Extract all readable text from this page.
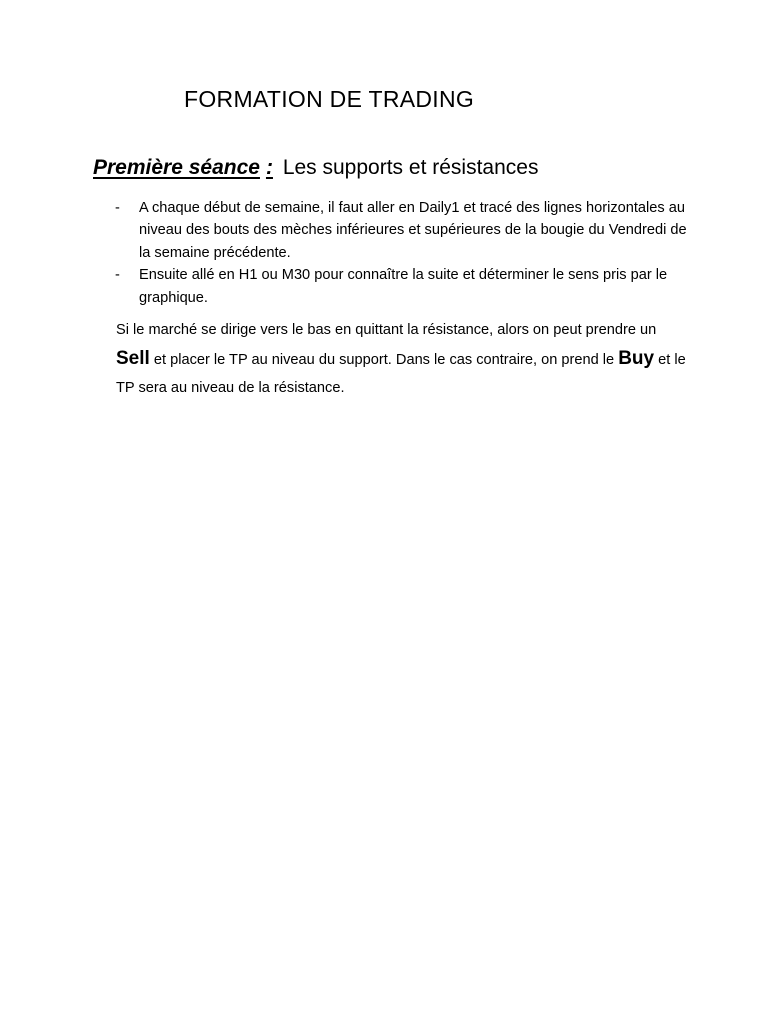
FORMATION DE TRADING
Première séance : Les supports et résistances
- A chaque début de semaine, il faut aller en Daily1 et tracé des lignes horizontales au niveau des bouts des mèches inférieures et supérieures de la bougie du Vendredi de la semaine précédente.
- Ensuite allé en H1 ou M30 pour connaître la suite et déterminer le sens pris par le graphique.

Si le marché se dirige vers le bas en quittant la résistance, alors on peut prendre un Sell et placer le TP au niveau du support. Dans le cas contraire, on prend le Buy et le TP sera au niveau de la résistance.
